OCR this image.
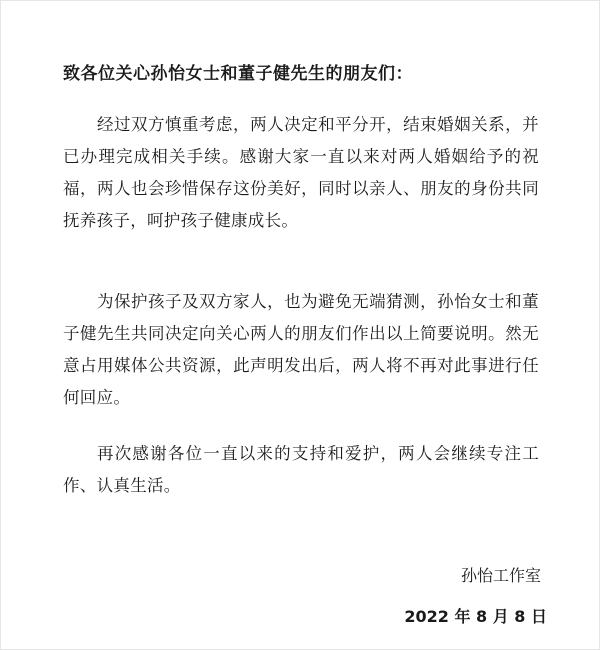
致各位关心孙怡女士和董子健先生的朋友们：

经过双方慎重考虑，两人决定和平分开，结束婚姻关系，并已办理完成相关手续。感谢大家一直以来对两人婚姻给予的祝福，两人也会珍惜保存这份美好，同时以亲人、朋友的身份共同抚养孩子，呵护孩子健康成长。

为保护孩子及双方家人，也为避免无端猜测，孙怡女士和董子健先生共同决定向关心两人的朋友们作出以上简要说明。然无意占用媒体公共资源，此声明发出后，两人将不再对此事进行任何回应。

再次感谢各位一直以来的支持和爱护，两人会继续专注工作、认真生活。

孙怡工作室
2022 年 8 月 8 日
